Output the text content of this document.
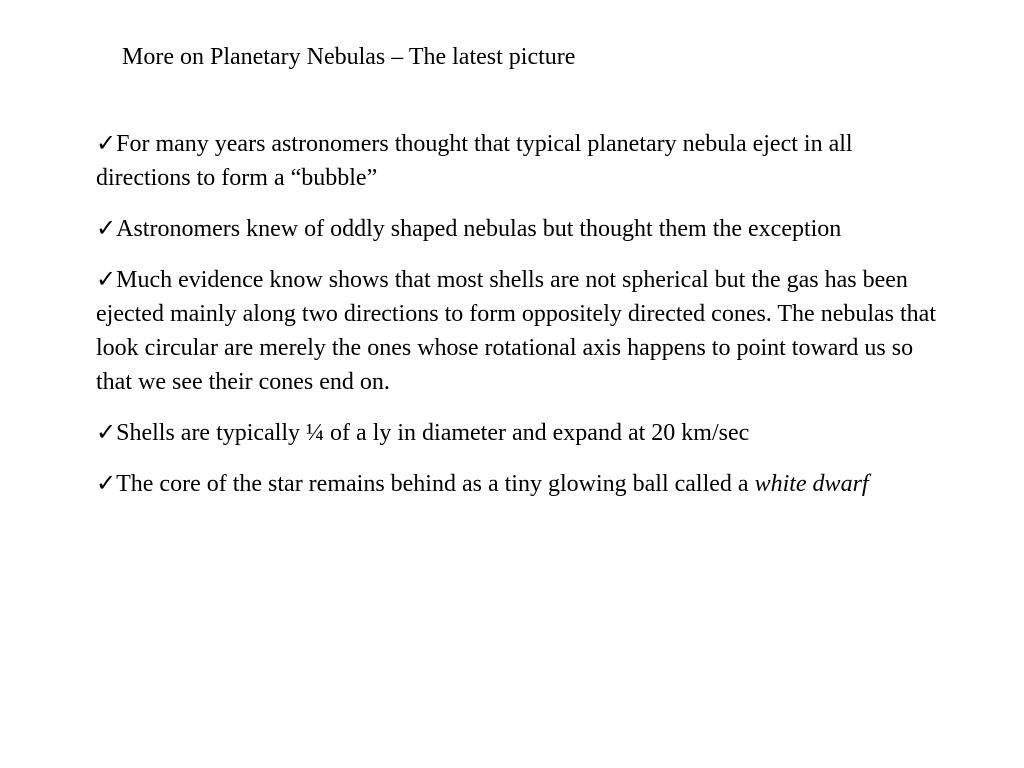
More on Planetary Nebulas – The latest picture
✓For many years astronomers thought that typical planetary nebula eject in all directions to form a “bubble”
✓Astronomers knew of oddly shaped nebulas but thought them the exception
✓Much evidence know shows that most shells are not spherical but the gas has been ejected mainly along two directions to form oppositely directed cones. The nebulas that look circular are merely the ones whose rotational axis happens to point toward us so that we see their cones end on.
✓Shells are typically ¼ of a ly in diameter and expand at 20 km/sec
✓The core of the star remains behind as a tiny glowing ball called a white dwarf
